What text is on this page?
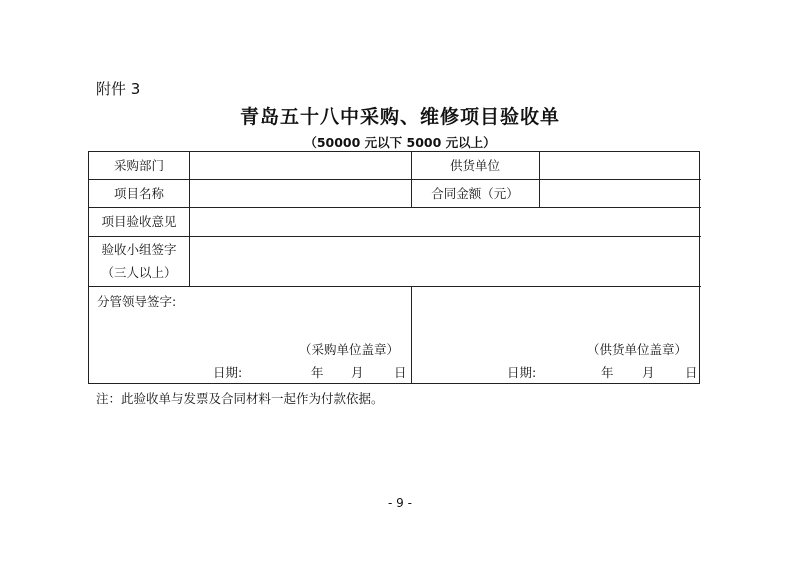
附件 3
青岛五十八中采购、维修项目验收单
（50000 元以下 5000 元以上）
采购部门	供货单位
项目名称	合同金额（元）
项目验收意见
验收小组签字
（三人以上）
分管领导签字:
（采购单位盖章）
日期:	年 月 日
（供货单位盖章）
日期:	年 月 日
注：此验收单与发票及合同材料一起作为付款依据。
- 9 -
